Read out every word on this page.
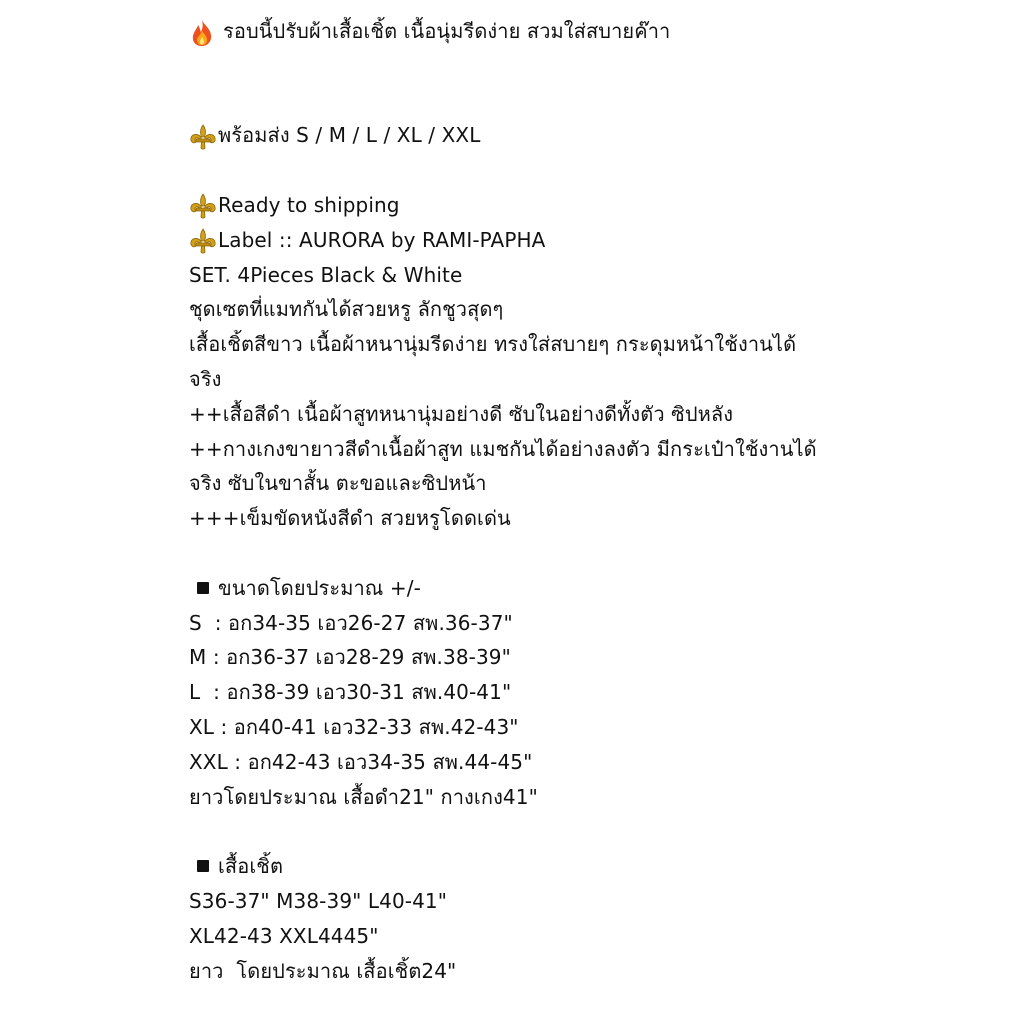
รอบนี้ปรับผ้าเสื้อเชิ้ต เนื้อนุ่มรีดง่าย สวมใส่สบายค๊าา
พร้อมส่ง S / M / L / XL / XXL
Ready to shipping
Label :: AURORA by RAMI-PAPHA
SET. 4Pieces Black & White
ชุดเซตที่แมทกันได้สวยหรู ลักชูวสุดๆ
เสื้อเชิ้ตสีขาว เนื้อผ้าหนานุ่มรีดง่าย ทรงใส่สบายๆ กระดุมหน้าใช้งานได้
จริง
++เสื้อสีดำ เนื้อผ้าสูทหนานุ่มอย่างดี ซับในอย่างดีทั้งตัว ซิปหลัง
++กางเกงขายาวสีดำเนื้อผ้าสูท แมชกันได้อย่างลงตัว มีกระเป๋าใช้งานได้
จริง ซับในขาสั้น ตะขอและซิปหน้า
+++เข็มขัดหนังสีดำ สวยหรูโดดเด่น
ขนาดโดยประมาณ +/-
S  : อก34-35 เอว26-27 สพ.36-37"
M : อก36-37 เอว28-29 สพ.38-39"
L  : อก38-39 เอว30-31 สพ.40-41"
XL : อก40-41 เอว32-33 สพ.42-43"
XXL : อก42-43 เอว34-35 สพ.44-45"
ยาวโดยประมาณ เสื้อดำ21" กางเกง41"
เสื้อเชิ้ต
S36-37" M38-39" L40-41"
XL42-43 XXL4445"
ยาว  โดยประมาณ เสื้อเชิ้ต24"
